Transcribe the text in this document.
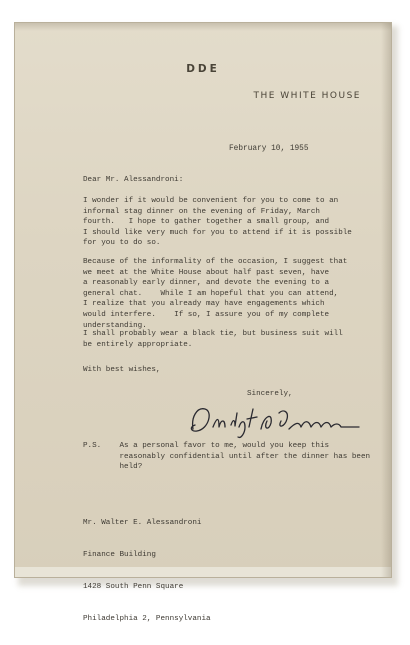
DDE
THE WHITE HOUSE
February 10, 1955
Dear Mr. Alessandroni:
I wonder if it would be convenient for you to come to an
informal stag dinner on the evening of Friday, March
fourth.   I hope to gather together a small group, and
I should like very much for you to attend if it is possible
for you to do so.
Because of the informality of the occasion, I suggest that
we meet at the White House about half past seven, have
a reasonably early dinner, and devote the evening to a
general chat.    While I am hopeful that you can attend,
I realize that you already may have engagements which
would interfere.    If so, I assure you of my complete
understanding.
I shall probably wear a black tie, but business suit will
be entirely appropriate.
With best wishes,
Sincerely,
P.S.    As a personal favor to me, would you keep this
reasonably confidential until after the dinner has been
held?

Mr. Walter E. Alessandroni

Finance Building

1428 South Penn Square

Philadelphia 2, Pennsylvania
